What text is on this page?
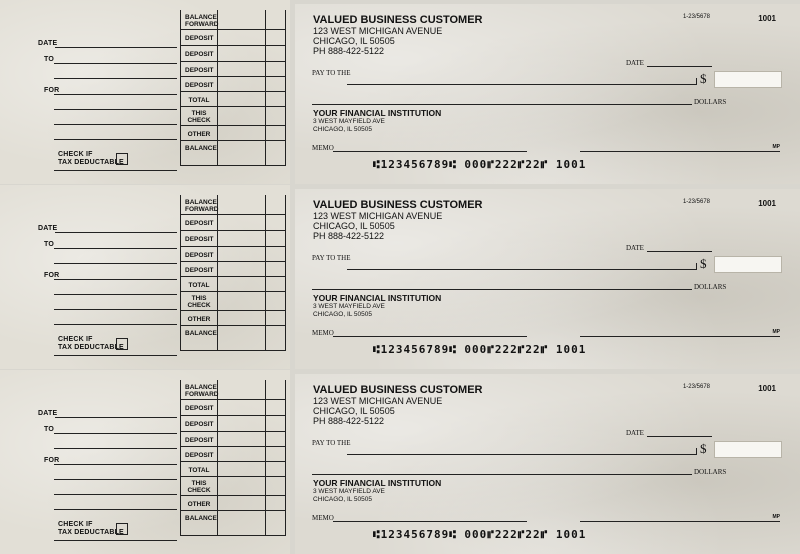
DATE
TO
FOR
CHECK IF
TAX DEDUCTABLE
BALANCE
FORWARD
DEPOSIT
DEPOSIT
DEPOSIT
DEPOSIT
TOTAL
THIS
CHECK
OTHER
BALANCE
VALUED BUSINESS CUSTOMER
123 WEST MICHIGAN AVENUE
CHICAGO, IL 50505
PH 888-422-5122
1-23/5678	1001
DATE
PAY TO THE	$
DOLLARS
YOUR FINANCIAL INSTITUTION
3 WEST MAYFIELD AVE
CHICAGO, IL 50505
MEMO	MP
⑆123456789⑆ 000⑈222⑈22⑈ 1001
DATE
TO
FOR
CHECK IF
TAX DEDUCTABLE
BALANCE
FORWARD
DEPOSIT
DEPOSIT
DEPOSIT
DEPOSIT
TOTAL
THIS
CHECK
OTHER
BALANCE
VALUED BUSINESS CUSTOMER
123 WEST MICHIGAN AVENUE
CHICAGO, IL 50505
PH 888-422-5122
1-23/5678	1001
DATE
PAY TO THE	$
DOLLARS
YOUR FINANCIAL INSTITUTION
3 WEST MAYFIELD AVE
CHICAGO, IL 50505
MEMO	MP
⑆123456789⑆ 000⑈222⑈22⑈ 1001
DATE
TO
FOR
CHECK IF
TAX DEDUCTABLE
BALANCE
FORWARD
DEPOSIT
DEPOSIT
DEPOSIT
DEPOSIT
TOTAL
THIS
CHECK
OTHER
BALANCE
VALUED BUSINESS CUSTOMER
123 WEST MICHIGAN AVENUE
CHICAGO, IL 50505
PH 888-422-5122
1-23/5678	1001
DATE
PAY TO THE	$
DOLLARS
YOUR FINANCIAL INSTITUTION
3 WEST MAYFIELD AVE
CHICAGO, IL 50505
MEMO	MP
⑆123456789⑆ 000⑈222⑈22⑈ 1001
